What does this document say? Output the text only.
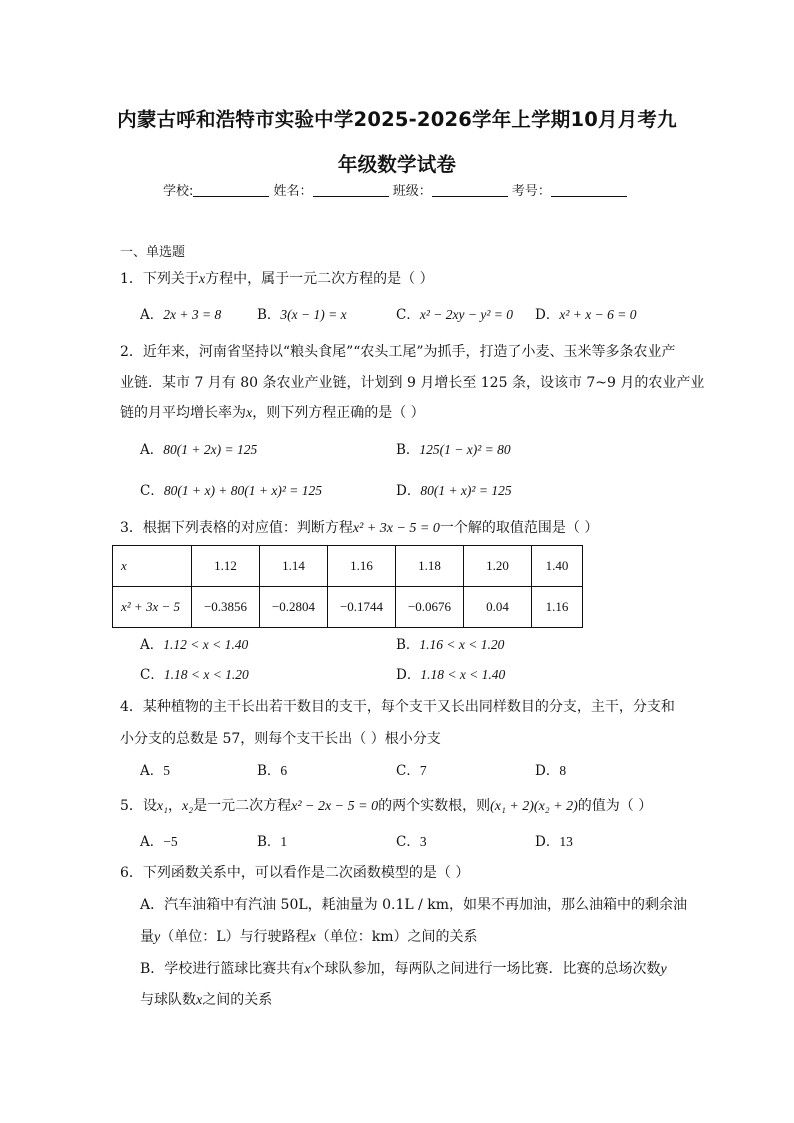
内蒙古呼和浩特市实验中学2025-2026学年上学期10月月考九
年级数学试卷
学校:	姓名：	班级：	考号：
一、单选题
1．下列关于x方程中，属于一元二次方程的是（ ）
A．2x + 3 = 8	B．3(x − 1) = x	C．x² − 2xy − y² = 0 D．x² + x − 6 = 0
2．近年来，河南省坚持以“粮头食尾”“农头工尾”为抓手，打造了小麦、玉米等多条农业产
业链．某市 7 月有 80 条农业产业链，计划到 9 月增长至 125 条，设该市 7~9 月的农业产业
链的月平均增长率为x，则下列方程正确的是（ ）
A．80(1 + 2x) = 125	B．125(1 − x)² = 80
C．80(1 + x) + 80(1 + x)² = 125	D．80(1 + x)² = 125
3．根据下列表格的对应值：判断方程x² + 3x − 5 = 0一个解的取值范围是（ ）
x	1.12	1.14	1.16	1.18	1.20	1.40
x² + 3x − 5	−0.3856	−0.2804	−0.1744	−0.0676	0.04	1.16
A．1.12 < x < 1.40	B．1.16 < x < 1.20
C．1.18 < x < 1.20	D．1.18 < x < 1.40
4．某种植物的主干长出若干数目的支干，每个支干又长出同样数目的分支，主干，分支和
小分支的总数是 57，则每个支干长出（ ）根小分支
A．5	B．6	C．7	D．8
5．设x₁，x₂是一元二次方程x² − 2x − 5 = 0的两个实数根，则(x₁ + 2)(x₂ + 2)的值为（ ）
A．−5	B．1	C．3	D．13
6．下列函数关系中，可以看作是二次函数模型的是（ ）
A．汽车油箱中有汽油 50L，耗油量为 0.1L / km，如果不再加油，那么油箱中的剩余油
量y（单位：L）与行驶路程x（单位：km）之间的关系
B．学校进行篮球比赛共有x个球队参加，每两队之间进行一场比赛．比赛的总场次数y
与球队数x之间的关系
